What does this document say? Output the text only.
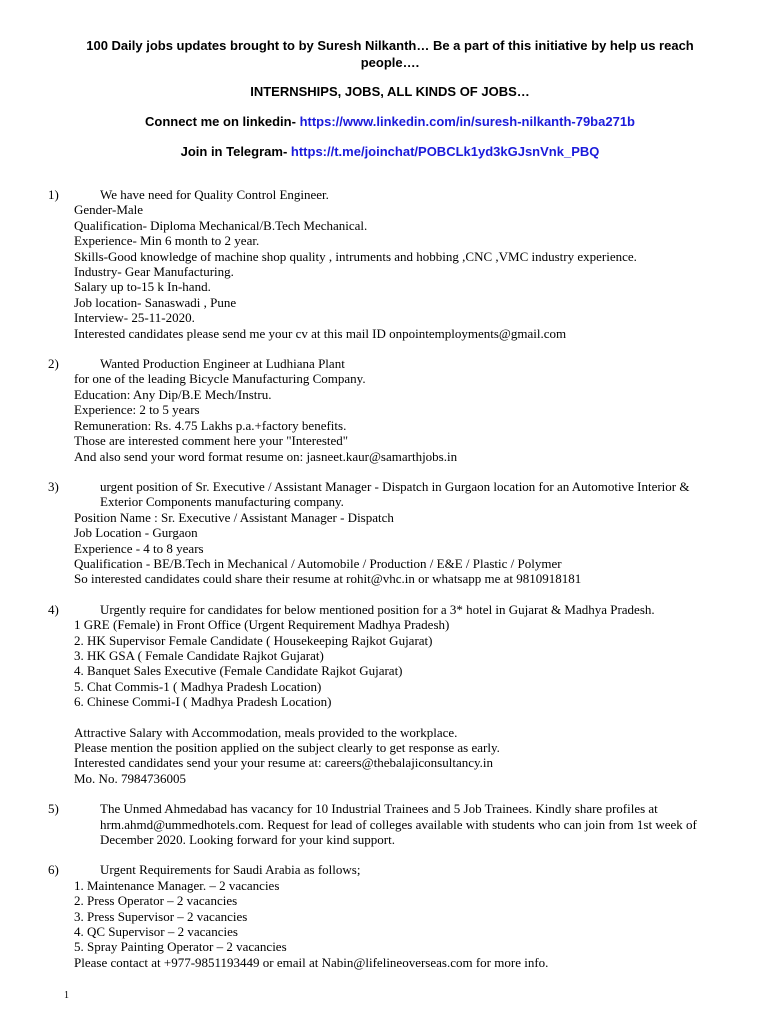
100 Daily jobs updates brought to by Suresh Nilkanth… Be a part of this initiative by help us reach people….
INTERNSHIPS, JOBS, ALL KINDS OF JOBS…
Connect me on linkedin- https://www.linkedin.com/in/suresh-nilkanth-79ba271b
Join in Telegram- https://t.me/joinchat/POBCLk1yd3kGJsnVnk_PBQ
1)	We have need for Quality Control Engineer.
Gender-Male
Qualification- Diploma Mechanical/B.Tech Mechanical.
Experience- Min 6 month to 2 year.
Skills-Good knowledge of machine shop quality , intruments and hobbing ,CNC ,VMC industry experience.
Industry- Gear Manufacturing.
Salary up to-15 k In-hand.
Job location- Sanaswadi , Pune
Interview- 25-11-2020.
Interested candidates please send me your cv at this mail ID onpointemployments@gmail.com
2)	Wanted Production Engineer at Ludhiana Plant
for one of the leading Bicycle Manufacturing Company.
Education: Any Dip/B.E Mech/Instru.
Experience: 2 to 5 years
Remuneration: Rs. 4.75 Lakhs p.a.+factory benefits.
Those are interested comment here your "Interested"
And also send your word format resume on: jasneet.kaur@samarthjobs.in
3)	urgent position of Sr. Executive / Assistant Manager - Dispatch in Gurgaon location for an Automotive Interior & Exterior Components manufacturing company.
Position Name : Sr. Executive / Assistant Manager - Dispatch
Job Location - Gurgaon
Experience - 4 to 8 years
Qualification - BE/B.Tech in Mechanical / Automobile / Production / E&E / Plastic / Polymer
So interested candidates could share their resume at rohit@vhc.in or whatsapp me at 9810918181
4)	Urgently require for candidates for below mentioned position for a 3* hotel in Gujarat & Madhya Pradesh.
1 GRE (Female) in Front Office (Urgent Requirement Madhya Pradesh)
2. HK Supervisor Female Candidate ( Housekeeping Rajkot Gujarat)
3. HK GSA ( Female Candidate Rajkot Gujarat)
4. Banquet Sales Executive (Female Candidate Rajkot Gujarat)
5. Chat Commis-1 ( Madhya Pradesh Location)
6. Chinese Commi-I ( Madhya Pradesh Location)
Attractive Salary with Accommodation, meals provided to the workplace.
Please mention the position applied on the subject clearly to get response as early.
Interested candidates send your your resume at: careers@thebalajiconsultancy.in
Mo. No. 7984736005
5)	The Unmed Ahmedabad has vacancy for 10 Industrial Trainees and 5 Job Trainees. Kindly share profiles at hrm.ahmd@ummedhotels.com. Request for lead of colleges available with students who can join from 1st week of December 2020. Looking forward for your kind support.
6)	Urgent Requirements for Saudi Arabia as follows;
1. Maintenance Manager. – 2 vacancies
2. Press Operator – 2 vacancies
3. Press Supervisor – 2 vacancies
4. QC Supervisor – 2 vacancies
5. Spray Painting Operator – 2 vacancies
Please contact at +977-9851193449 or email at Nabin@lifelineoverseas.com for more info.
1
